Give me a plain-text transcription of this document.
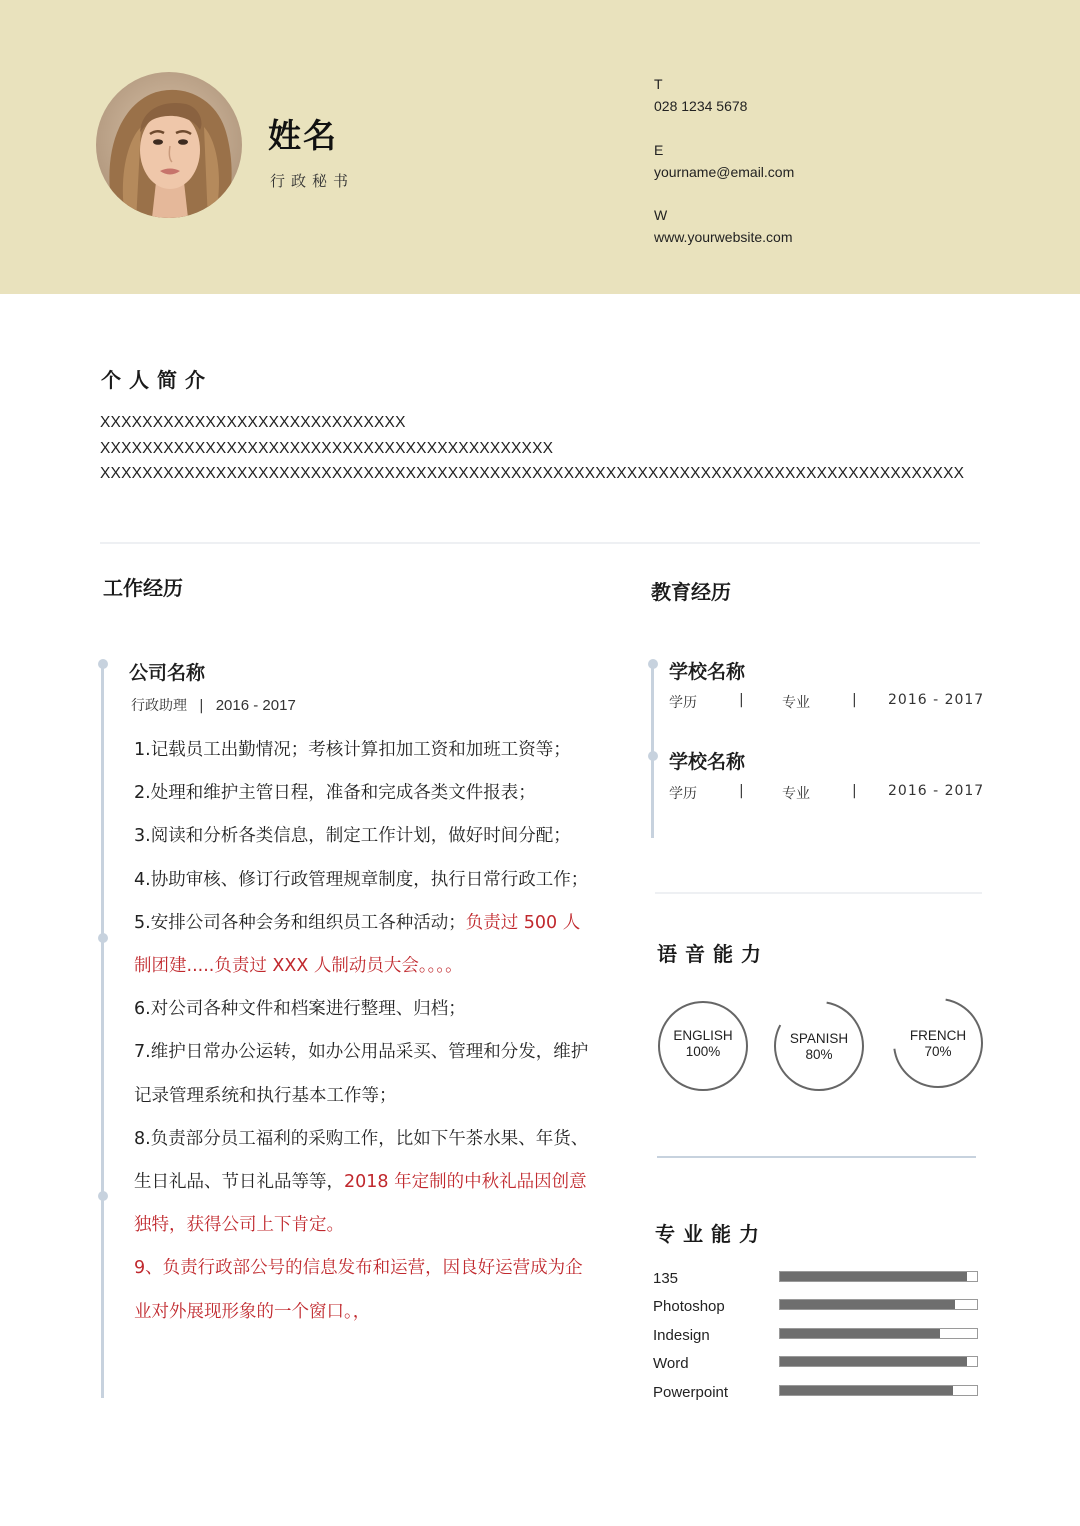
姓名
行政秘书
T
028 1234 5678
E
yourname@email.com
W
www.yourwebsite.com
个人简介
XXXXXXXXXXXXXXXXXXXXXXXXXXXXX
XXXXXXXXXXXXXXXXXXXXXXXXXXXXXXXXXXXXXXXXXXX
XXXXXXXXXXXXXXXXXXXXXXXXXXXXXXXXXXXXXXXXXXXXXXXXXXXXXXXXXXXXXXXXXXXXXXXXXXXXXXXXXX
工作经历
公司名称
行政助理 | 2016 - 2017
1.记载员工出勤情况；考核计算扣加工资和加班工资等；
2.处理和维护主管日程，准备和完成各类文件报表；
3.阅读和分析各类信息，制定工作计划，做好时间分配；
4.协助审核、修订行政管理规章制度，执行日常行政工作；
5.安排公司各种会务和组织员工各种活动；负责过 500 人
制团建.....负责过 XXX 人制动员大会。。。。
6.对公司各种文件和档案进行整理、归档；
7.维护日常办公运转，如办公用品采买、管理和分发，维护
记录管理系统和执行基本工作等；
8.负责部分员工福利的采购工作，比如下午茶水果、年货、
生日礼品、节日礼品等等，2018 年定制的中秋礼品因创意
独特，获得公司上下肯定。
9、负责行政部公号的信息发布和运营，因良好运营成为企
业对外展现形象的一个窗口。，
教育经历
学校名称
学历	|	专业	| 2016 - 2017
学校名称
学历	|	专业	| 2016 - 2017
语音能力
ENGLISH
100%
SPANISH
80%
FRENCH
70%
专业能力
135
Photoshop
Indesign
Word
Powerpoint
